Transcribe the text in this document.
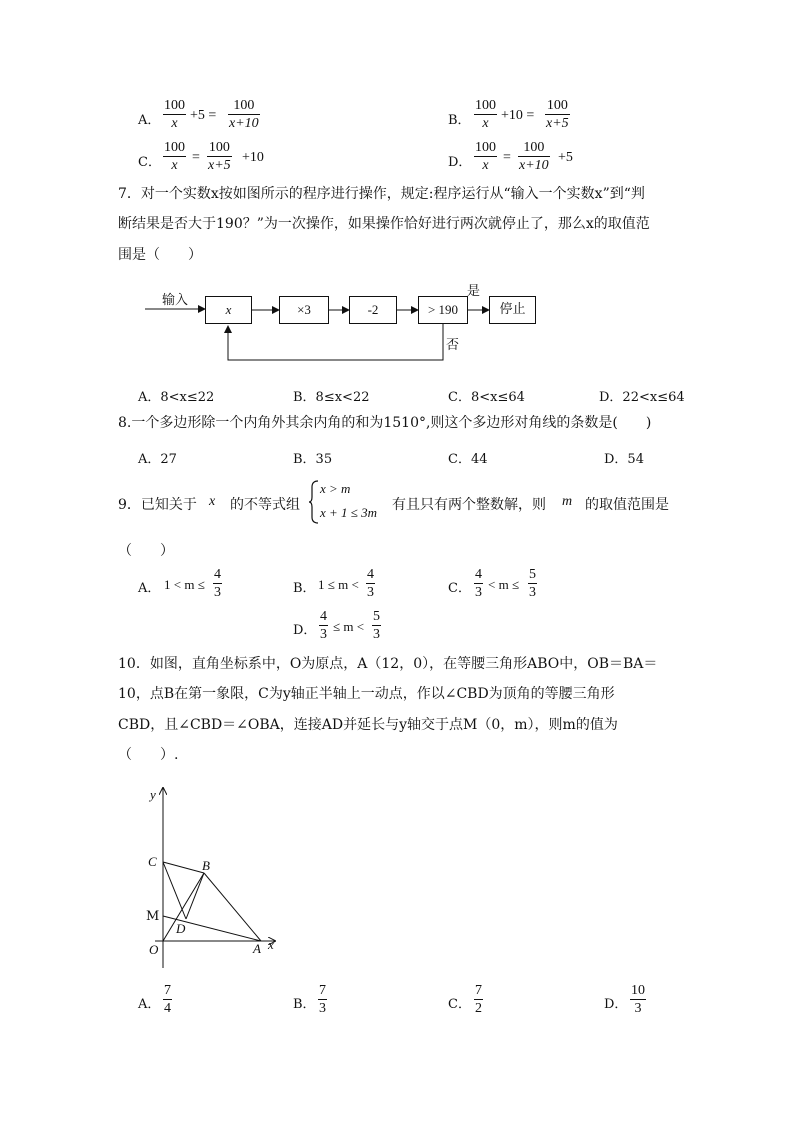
A． $\frac{100}{x} +5 = \frac{100}{x+10}$	B． $\frac{100}{x} +10 = \frac{100}{x+5}$
C． $\frac{100}{x} = \frac{100}{x+5} +10$	D． $\frac{100}{x} = \frac{100}{x+10} +5$
7．对一个实数x按如图所示的程序进行操作，规定:程序运行从“输入一个实数x”到“判
断结果是否大于190？”为一次操作，如果操作恰好进行两次就停止了，那么x的取值范
围是（　　）
输入
x	×3	-2	> 190	停止
是
否
A．8<x≤22	B．8≤x<22	C．8<x≤64	D．22<x≤64
8.一个多边形除一个内角外其余内角的和为1510°,则这个多边形对角线的条数是(　　)
A．27	B．35	C．44	D．54
9．已知关于 x 的不等式组
x > m
x + 1 ≤ 3m 有且只有两个整数解，则 m 的取值范围是
（　　）
A． $1 < m \le \frac{4}{3}$	B． $1 \le m < \frac{4}{3}$	C． $\frac{4}{3} < m \le \frac{5}{3}$
D． $\frac{4}{3} \le m < \frac{5}{3}$
10．如图，直角坐标系中，O为原点，A（12，0），在等腰三角形ABO中，OB＝BA＝
10，点B在第一象限，C为y轴正半轴上一动点，作以∠CBD为顶角的等腰三角形
CBD，且∠CBD＝∠OBA，连接AD并延长与y轴交于点M（0，m），则m的值为
（　　）.
y
x
C	B
M
D
O	A
A． $\frac{7}{4}$	B． $\frac{7}{3}$	C． $\frac{7}{2}$	D． $\frac{10}{3}$
